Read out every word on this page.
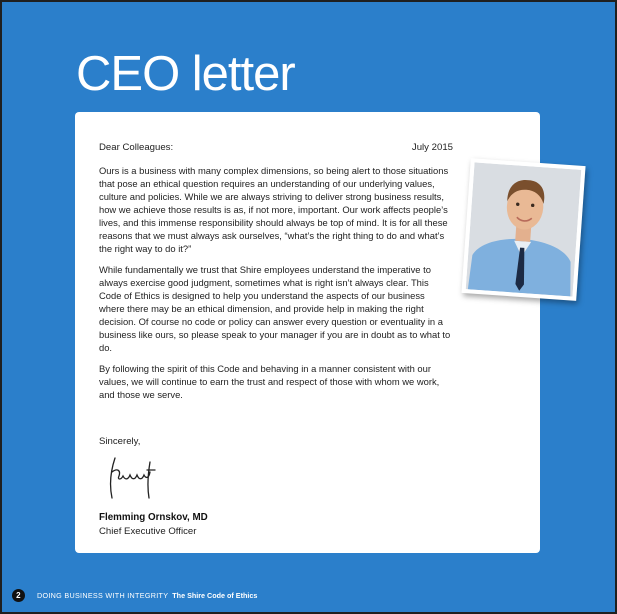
CEO letter
Dear Colleagues:	July 2015

Ours is a business with many complex dimensions, so being alert to those situations that pose an ethical question requires an understanding of our underlying values, culture and policies. While we are always striving to deliver strong business results, how we achieve those results is as, if not more, important. Our work affects people’s lives, and this immense responsibility should always be top of mind. It is for all these reasons that we must always ask ourselves, “what’s the right thing to do and what’s the right way to do it?”

While fundamentally we trust that Shire employees understand the imperative to always exercise good judgment, sometimes what is right isn’t always clear. This Code of Ethics is designed to help you understand the aspects of our business where there may be an ethical dimension, and provide help in making the right decision. Of course no code or policy can answer every question or eventuality in a business like ours, so please speak to your manager if you are in doubt as to what to do.

By following the spirit of this Code and behaving in a manner consistent with our values, we will continue to earn the trust and respect of those with whom we work, and those we serve.

Sincerely,
Flemming Ornskov, MD
Chief Executive Officer
2	DOING BUSINESS WITH INTEGRITY The Shire Code of Ethics
